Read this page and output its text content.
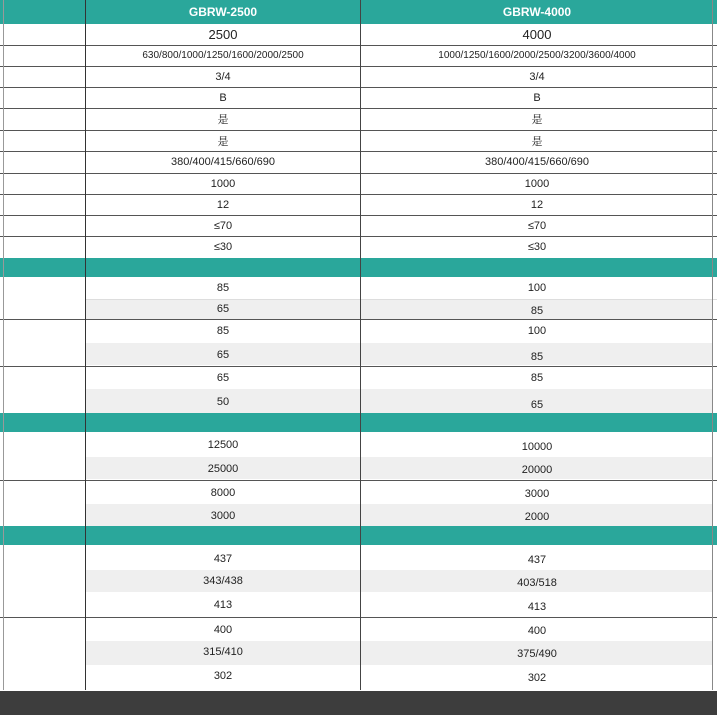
GBRW-2500	GBRW-4000
2500	4000
630/800/1000/1250/1600/2000/2500	1000/1250/1600/2000/2500/3200/3600/4000
3/4	3/4
B	B
是	是
是	是
380/400/415/660/690	380/400/415/660/690
1000	1000
12	12
≤70	≤70
≤30	≤30
85	100
65	85
85	100
65	85
65	85
50	65
12500	10000
25000	20000
8000	3000
3000	2000
437	437
343/438	403/518
413	413
400	400
315/410	375/490
302	302
